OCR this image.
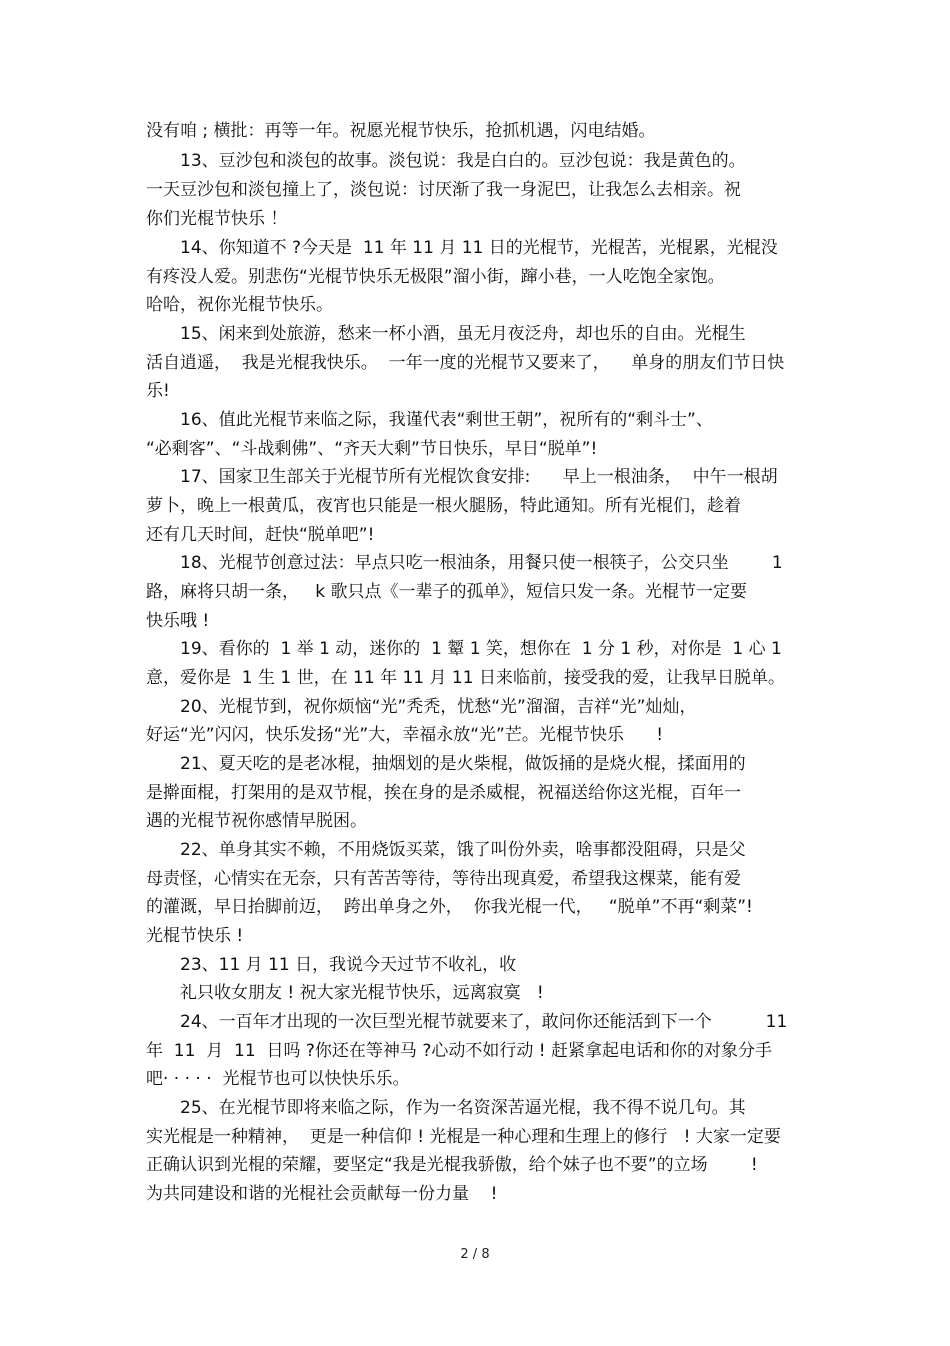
没有咱 ; 横批：再等一年。祝愿光棍节快乐，抢抓机遇，闪电结婚。
13、豆沙包和淡包的故事。淡包说：我是白白的。豆沙包说：我是黄色的。
一天豆沙包和淡包撞上了，淡包说：讨厌渐了我一身泥巴，让我怎么去相亲。祝
你们光棍节快乐 ！
14、你知道不 ?今天是  11 年 11 月 11 日的光棍节，光棍苦，光棍累，光棍没
有疼没人爱。别悲伤“光棍节快乐无极限”溜小街，蹿小巷，一人吃饱全家饱。
哈哈，祝你光棍节快乐。
15、闲来到处旅游，愁来一杯小酒，虽无月夜泛舟，却也乐的自由。光棍生
活自逍遥，  我是光棍我快乐。  一年一度的光棍节又要来了，    单身的朋友们节日快
乐!
16、值此光棍节来临之际，我谨代表“剩世王朝”，祝所有的“剩斗士”、
“必剩客”、“斗战剩佛”、“齐天大剩”节日快乐，早日“脱单”!
17、国家卫生部关于光棍节所有光棍饮食安排:      早上一根油条，  中午一根胡
萝卜，晚上一根黄瓜，夜宵也只能是一根火腿肠，特此通知。所有光棍们，趁着
还有几天时间，赶快“脱单吧”!
18、光棍节创意过法：早点只吃一根油条，用餐只使一根筷子，公交只坐        1
路，麻将只胡一条，   k 歌只点《一辈子的孤单》，短信只发一条。光棍节一定要
快乐哦 !
19、看你的  1 举 1 动，迷你的  1 颦 1 笑，想你在  1 分 1 秒，对你是  1 心 1
意，爱你是  1 生 1 世，在 11 年 11 月 11 日来临前，接受我的爱，让我早日脱单。
20、光棍节到，祝你烦恼“光”秃秃，忧愁“光”溜溜，吉祥“光”灿灿，
好运“光”闪闪，快乐发扬“光”大，幸福永放“光”芒。光棍节快乐      !
21、夏天吃的是老冰棍，抽烟划的是火柴棍，做饭捅的是烧火棍，揉面用的
是擀面棍，打架用的是双节棍，挨在身的是杀威棍，祝福送给你这光棍，百年一
遇的光棍节祝你感情早脱困。
22、单身其实不赖，不用烧饭买菜，饿了叫份外卖，啥事都没阻碍，只是父
母责怪，心情实在无奈，只有苦苦等待，等待出现真爱，希望我这棵菜，能有爱
的灌溉，早日抬脚前迈，  跨出单身之外，  你我光棍一代，   “脱单”不再“剩菜”!
光棍节快乐 !
23、11 月 11 日，我说今天过节不收礼，收
礼只收女朋友 ! 祝大家光棍节快乐，远离寂寞   !
24、一百年才出现的一次巨型光棍节就要来了，敢问你还能活到下一个          11
年  11  月  11  日吗 ?你还在等神马 ?心动不如行动 ! 赶紧拿起电话和你的对象分手
吧· · · · ·  光棍节也可以快快乐乐。
25、在光棍节即将来临之际，作为一名资深苦逼光棍，我不得不说几句。其
实光棍是一种精神，  更是一种信仰 ! 光棍是一种心理和生理上的修行   ! 大家一定要
正确认识到光棍的荣耀，要坚定“我是光棍我骄傲，给个妹子也不要”的立场        !
为共同建设和谐的光棍社会贡献每一份力量    !
2 / 8
